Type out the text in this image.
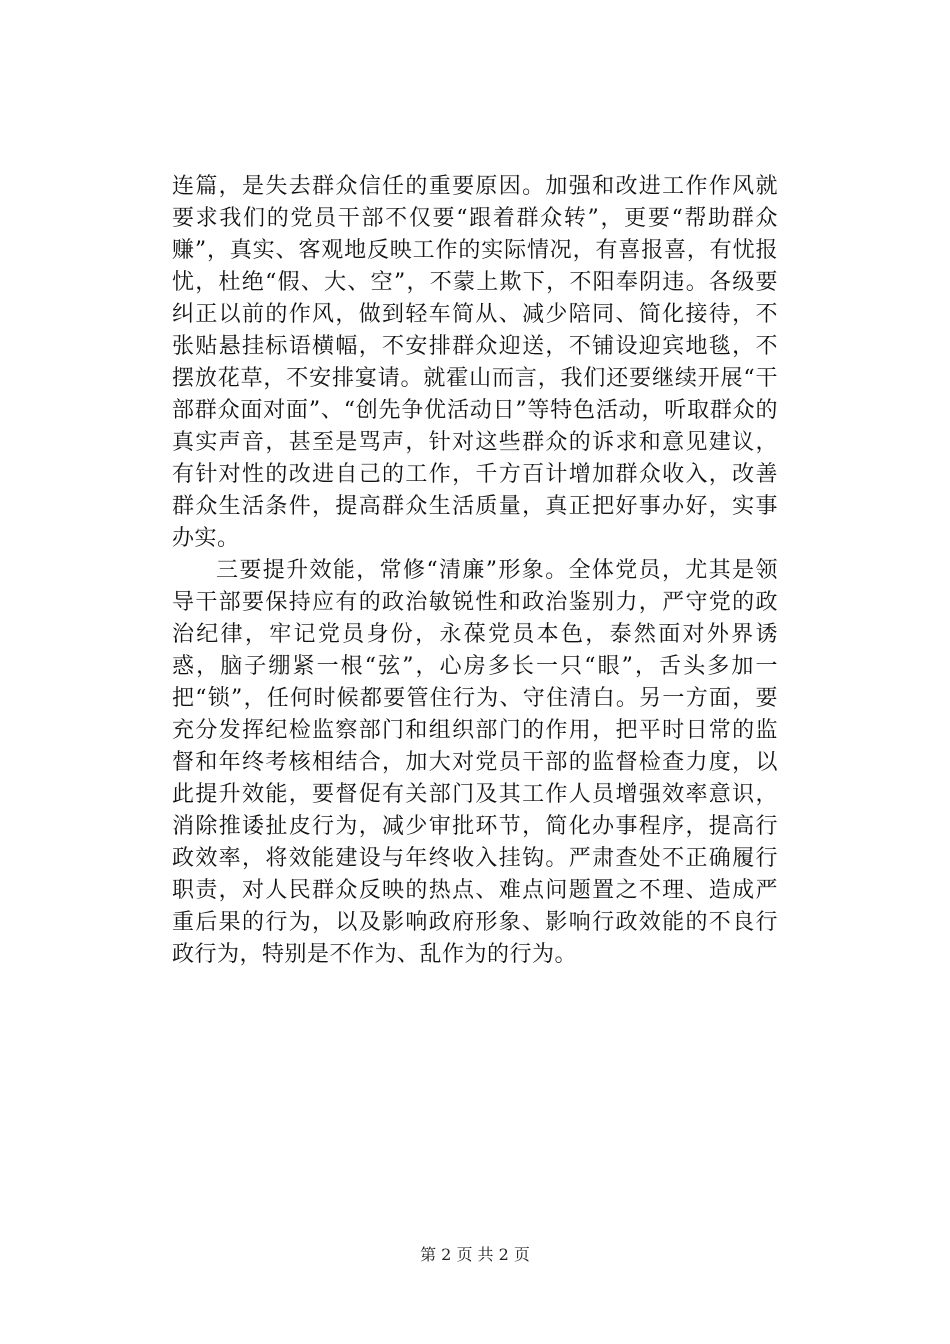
连篇，是失去群众信任的重要原因。加强和改进工作作风就要求我们的党员干部不仅要“跟着群众转”，更要“帮助群众赚”，真实、客观地反映工作的实际情况，有喜报喜，有忧报忧，杜绝“假、大、空”，不蒙上欺下，不阳奉阴违。各级要纠正以前的作风，做到轻车简从、减少陪同、简化接待，不张贴悬挂标语横幅，不安排群众迎送，不铺设迎宾地毯，不摆放花草，不安排宴请。就霍山而言，我们还要继续开展“干部群众面对面”、“创先争优活动日”等特色活动，听取群众的真实声音，甚至是骂声，针对这些群众的诉求和意见建议，有针对性的改进自己的工作，千方百计增加群众收入，改善群众生活条件，提高群众生活质量，真正把好事办好，实事办实。

三要提升效能，常修“清廉”形象。全体党员，尤其是领导干部要保持应有的政治敏锐性和政治鉴别力，严守党的政治纪律，牢记党员身份，永葆党员本色，泰然面对外界诱惑，脑子绷紧一根“弦”，心房多长一只“眼”，舌头多加一把“锁”，任何时候都要管住行为、守住清白。另一方面，要充分发挥纪检监察部门和组织部门的作用，把平时日常的监督和年终考核相结合，加大对党员干部的监督检查力度，以此提升效能，要督促有关部门及其工作人员增强效率意识，消除推诿扯皮行为，减少审批环节，简化办事程序，提高行政效率，将效能建设与年终收入挂钩。严肃查处不正确履行职责，对人民群众反映的热点、难点问题置之不理、造成严重后果的行为，以及影响政府形象、影响行政效能的不良行政行为，特别是不作为、乱作为的行为。

第 2 页 共 2 页
